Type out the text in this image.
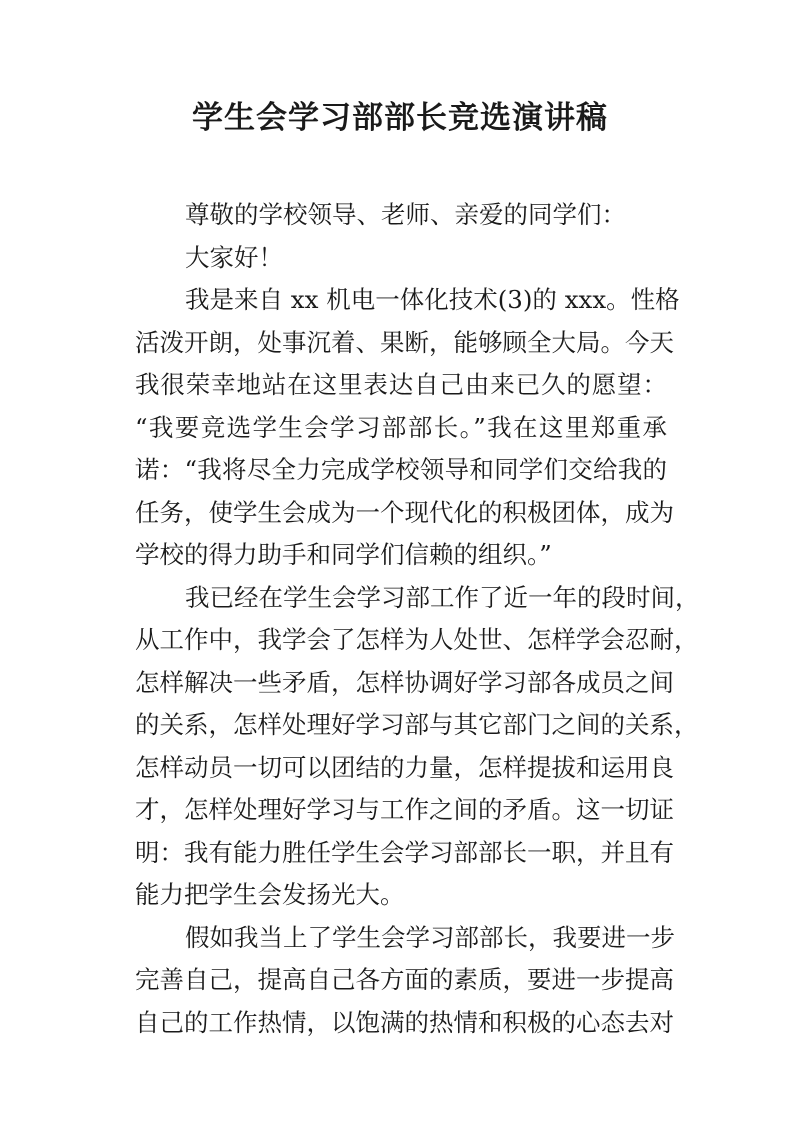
学生会学习部部长竞选演讲稿
尊敬的学校领导、老师、亲爱的同学们：
大家好！
我是来自 xx 机电一体化技术(3)的 xxx。性格
活泼开朗，处事沉着、果断，能够顾全大局。今天
我很荣幸地站在这里表达自己由来已久的愿望：
“我要竞选学生会学习部部长。”我在这里郑重承
诺：“我将尽全力完成学校领导和同学们交给我的
任务，使学生会成为一个现代化的积极团体，成为
学校的得力助手和同学们信赖的组织。”
我已经在学生会学习部工作了近一年的段时间，
从工作中，我学会了怎样为人处世、怎样学会忍耐，
怎样解决一些矛盾，怎样协调好学习部各成员之间
的关系，怎样处理好学习部与其它部门之间的关系，
怎样动员一切可以团结的力量，怎样提拔和运用良
才，怎样处理好学习与工作之间的矛盾。这一切证
明：我有能力胜任学生会学习部部长一职，并且有
能力把学生会发扬光大。
假如我当上了学生会学习部部长，我要进一步
完善自己，提高自己各方面的素质，要进一步提高
自己的工作热情，以饱满的热情和积极的心态去对
